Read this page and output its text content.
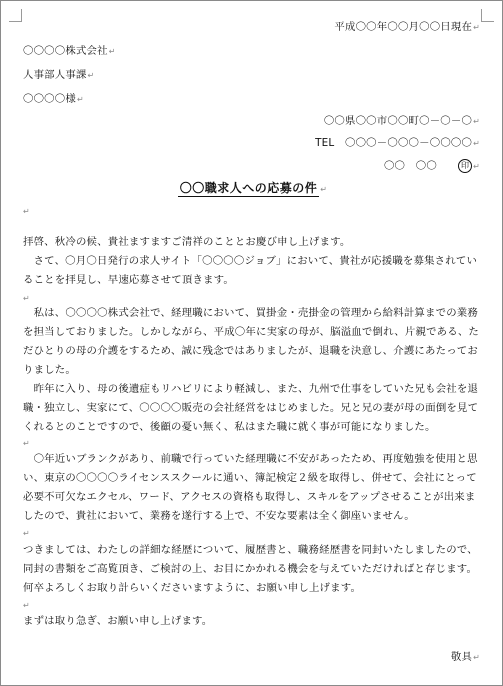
平成〇〇年〇〇月〇〇日現在↵
〇〇〇〇株式会社↵
人事部人事課↵
〇〇〇〇様↵
〇〇県〇〇市〇〇町〇－〇－〇↵
TEL　〇〇〇－〇〇〇－〇〇〇〇↵
〇〇　〇〇　　	印 ↵
〇〇職求人への応募の件 ↵
↵
拝啓、秋冷の候、貴社ますますご清祥のこととお慶び申し上げます。
　さて、〇月〇日発行の求人サイト「〇〇〇〇ジョブ」において、貴社が応援職を募集されてい
ることを拝見し、早速応募させて頂きます。
↵
　私は、〇〇〇〇株式会社で、経理職において、買掛金・売掛金の管理から給料計算までの業務
を担当しておりました。しかしながら、平成〇年に実家の母が、脳溢血で倒れ、片親である、た
だひとりの母の介護をするため、誠に残念ではありましたが、退職を決意し、介護にあたってお
りました。
　昨年に入り、母の後遺症もリハビリにより軽減し、また、九州で仕事をしていた兄も会社を退
職・独立し、実家にて、〇〇〇〇販売の会社経営をはじめました。兄と兄の妻が母の面倒を見て
くれるとのことですので、後顧の憂い無く、私はまた職に就く事が可能になりました。
↵
　〇年近いブランクがあり、前職で行っていた経理職に不安があったため、再度勉強を使用と思
い、東京の〇〇〇〇ライセンススクールに通い、簿記検定２級を取得し、併せて、会社にとって
必要不可欠なエクセル、ワード、アクセスの資格も取得し、スキルをアップさせることが出来ま
したので、貴社において、業務を遂行する上で、不安な要素は全く御座いません。
↵
つきましては、わたしの詳細な経歴について、履歴書と、職務経歴書を同封いたしましたので、
同封の書類をご高覧頂き、ご検討の上、お目にかかれる機会を与えていただければと存じます。
何卒よろしくお取り計らいくださいますように、お願い申し上げます。
↵
まずは取り急ぎ、お願い申し上げます。
敬具↵
